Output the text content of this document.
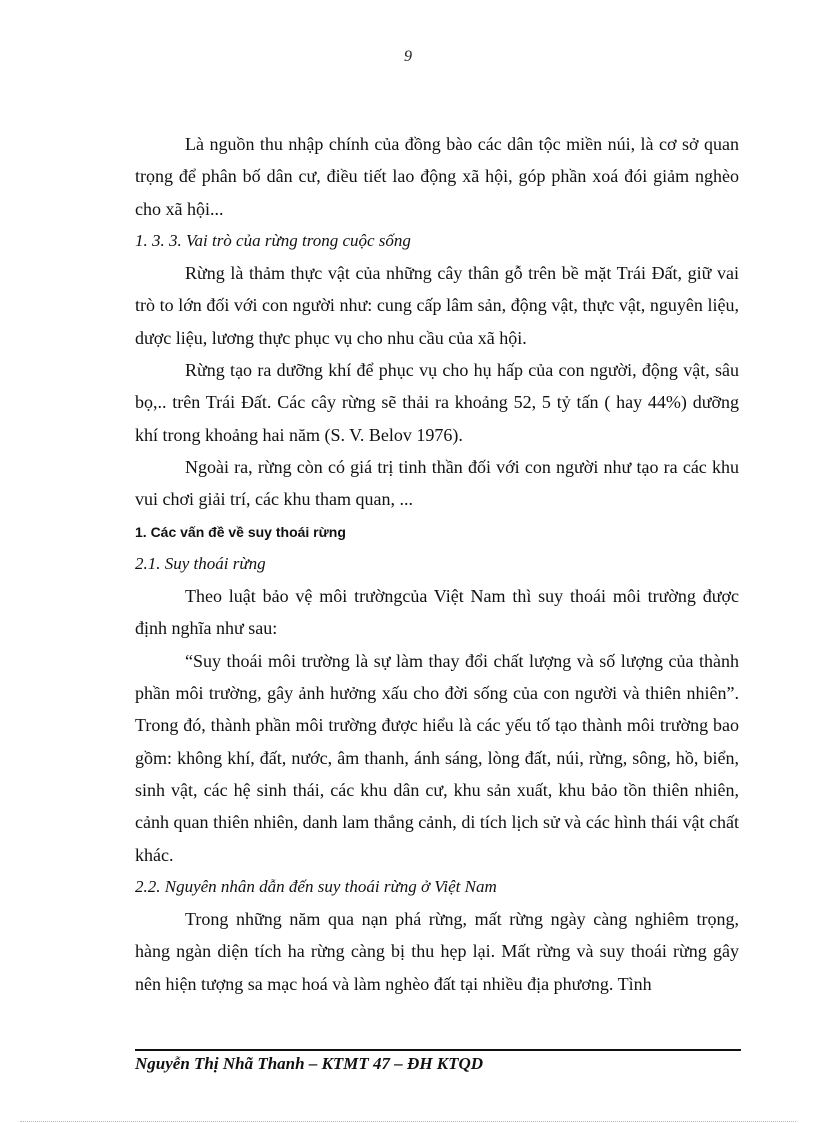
9

Là nguồn thu nhập chính của đồng bào các dân tộc miền núi, là cơ sở quan trọng để phân bố dân cư, điều tiết lao động xã hội, góp phần xoá đói giảm nghèo cho xã hội...

1. 3. 3. Vai trò của rừng trong cuộc sống

Rừng là thảm thực vật của những cây thân gỗ trên bề mặt Trái Đất, giữ vai trò to lớn đối với con người như: cung cấp lâm sản, động vật, thực vật, nguyên liệu, dược liệu, lương thực phục vụ cho nhu cầu của xã hội.

Rừng tạo ra dưỡng khí để phục vụ cho hụ hấp của con người, động vật, sâu bọ,.. trên Trái Đất. Các cây rừng sẽ thải ra khoảng 52, 5 tỷ tấn ( hay 44%) dưỡng khí trong khoảng hai năm (S. V. Belov 1976).

Ngoài ra, rừng còn có giá trị tinh thần đối với con người như tạo ra các khu vui chơi giải trí, các khu tham quan, ...

1. Các vấn đề về suy thoái rừng

2.1. Suy thoái rừng

Theo luật bảo vệ môi trườngcủa Việt Nam thì suy thoái môi trường được định nghĩa như sau:

“Suy thoái môi trường là sự làm thay đổi chất lượng và số lượng của thành phần môi trường, gây ảnh hưởng xấu cho đời sống của con người và thiên nhiên”. Trong đó, thành phần môi trường được hiểu là các yếu tố tạo thành môi trường bao gồm: không khí, đất, nước, âm thanh, ánh sáng, lòng đất, núi, rừng, sông, hồ, biển, sinh vật, các hệ sinh thái, các khu dân cư, khu sản xuất, khu bảo tồn thiên nhiên, cảnh quan thiên nhiên, danh lam thắng cảnh, di tích lịch sử và các hình thái vật chất khác.

2.2. Nguyên nhân dẫn đến suy thoái rừng ở Việt Nam

Trong những năm qua nạn phá rừng, mất rừng ngày càng nghiêm trọng, hàng ngàn diện tích ha rừng càng bị thu hẹp lại. Mất rừng và suy thoái rừng gây nên hiện tượng sa mạc hoá và làm nghèo đất tại nhiều địa phương. Tình

Nguyễn Thị Nhã Thanh – KTMT 47 – ĐH KTQD
